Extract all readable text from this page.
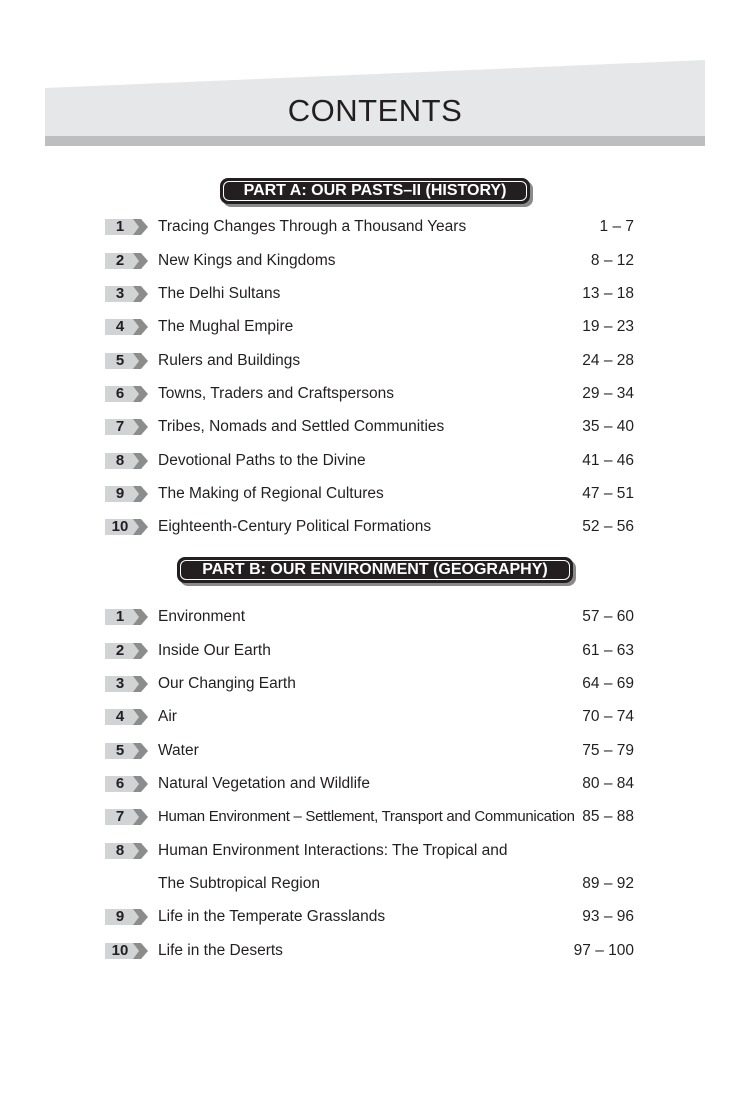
CONTENTS
PART A: OUR PASTS–II (HISTORY)
1	Tracing Changes Through a Thousand Years	1 – 7
2	New Kings and Kingdoms	8 – 12
3	The Delhi Sultans	13 – 18
4	The Mughal Empire	19 – 23
5	Rulers and Buildings	24 – 28
6	Towns, Traders and Craftspersons	29 – 34
7	Tribes, Nomads and Settled Communities	35 – 40
8	Devotional Paths to the Divine	41 – 46
9	The Making of Regional Cultures	47 – 51
10	Eighteenth-Century Political Formations	52 – 56
PART B: OUR ENVIRONMENT (GEOGRAPHY)
1	Environment	57 – 60
2	Inside Our Earth	61 – 63
3	Our Changing Earth	64 – 69
4	Air	70 – 74
5	Water	75 – 79
6	Natural Vegetation and Wildlife	80 – 84
7	Human Environment – Settlement, Transport and Communication 85 – 88
8	Human Environment Interactions: The Tropical and
The Subtropical Region	89 – 92
9	Life in the Temperate Grasslands	93 – 96
10	Life in the Deserts	97 – 100
